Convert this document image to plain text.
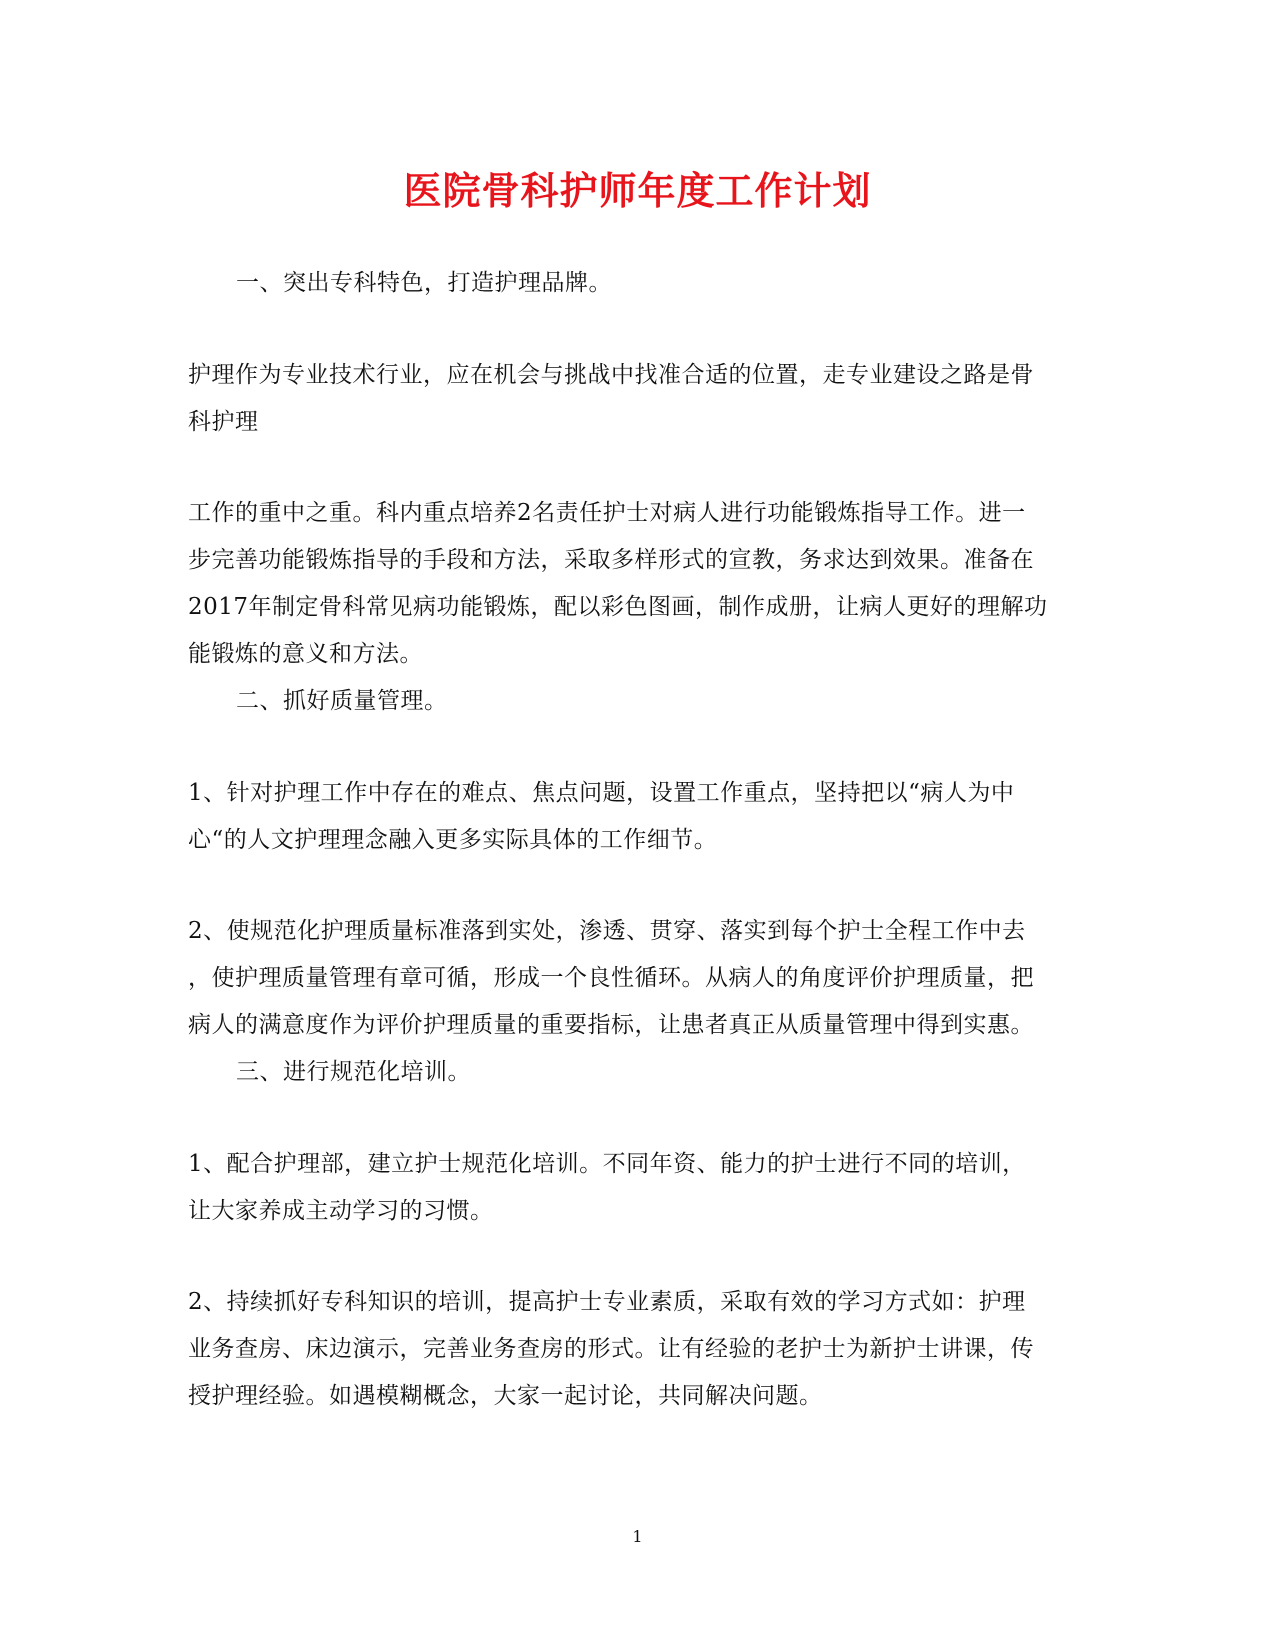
医院骨科护师年度工作计划

一、突出专科特色，打造护理品牌。

护理作为专业技术行业，应在机会与挑战中找准合适的位置，走专业建设之路是骨
科护理

工作的重中之重。科内重点培养2名责任护士对病人进行功能锻炼指导工作。进一
步完善功能锻炼指导的手段和方法，采取多样形式的宣教，务求达到效果。准备在
2017年制定骨科常见病功能锻炼，配以彩色图画，制作成册，让病人更好的理解功
能锻炼的意义和方法。

二、抓好质量管理。

1、针对护理工作中存在的难点、焦点问题，设置工作重点，坚持把以“病人为中
心“的人文护理理念融入更多实际具体的工作细节。

2、使规范化护理质量标准落到实处，渗透、贯穿、落实到每个护士全程工作中去
，使护理质量管理有章可循，形成一个良性循环。从病人的角度评价护理质量，把
病人的满意度作为评价护理质量的重要指标，让患者真正从质量管理中得到实惠。

三、进行规范化培训。

1、配合护理部，建立护士规范化培训。不同年资、能力的护士进行不同的培训，
让大家养成主动学习的习惯。

2、持续抓好专科知识的培训，提高护士专业素质，采取有效的学习方式如：护理
业务查房、床边演示，完善业务查房的形式。让有经验的老护士为新护士讲课，传
授护理经验。如遇模糊概念，大家一起讨论，共同解决问题。

1
